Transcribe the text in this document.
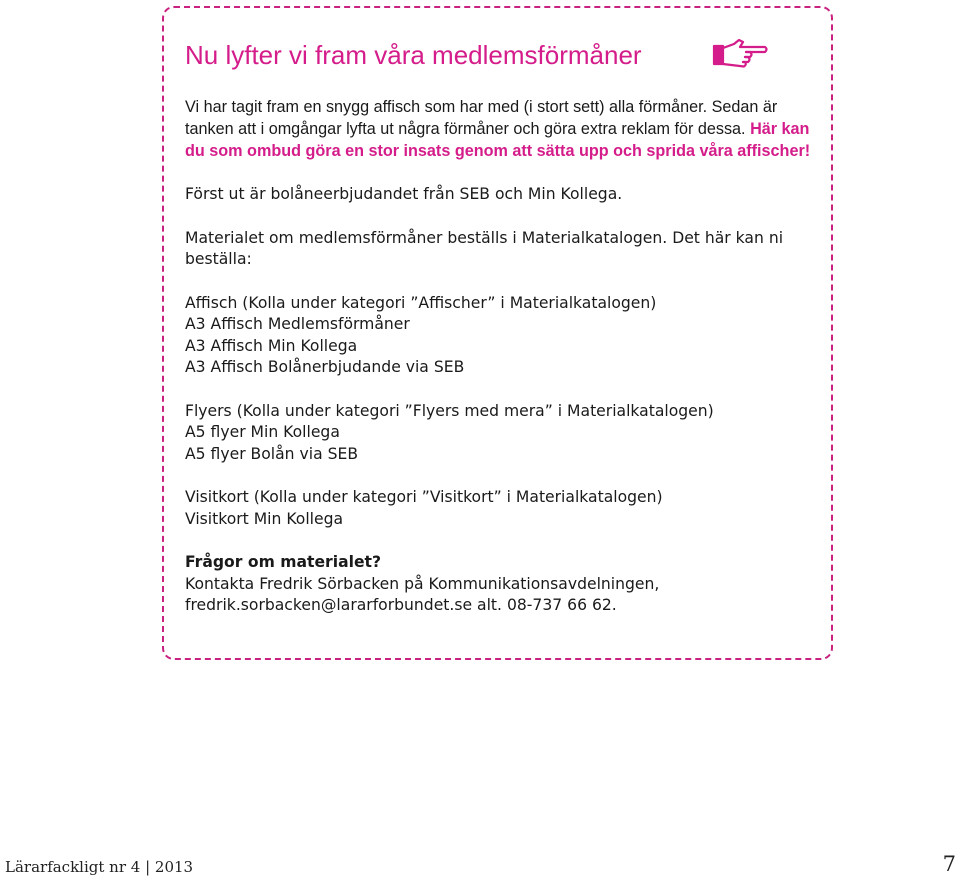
Nu lyfter vi fram våra medlemsförmåner

Vi har tagit fram en snygg affisch som har med (i stort sett) alla förmåner. Sedan är tanken att i omgångar lyfta ut några förmåner och göra extra reklam för dessa. Här kan du som ombud göra en stor insats genom att sätta upp och sprida våra affischer!

Först ut är bolåneerbjudandet från SEB och Min Kollega.

Materialet om medlemsförmåner beställs i Materialkatalogen. Det här kan ni beställa:

Affisch (Kolla under kategori ”Affischer” i Materialkatalogen)

A3 Affisch Medlemsförmåner

A3 Affisch Min Kollega

A3 Affisch Bolånerbjudande via SEB

Flyers (Kolla under kategori ”Flyers med mera” i Materialkatalogen)

A5 flyer Min Kollega

A5 flyer Bolån via SEB

Visitkort (Kolla under kategori ”Visitkort” i Materialkatalogen)

Visitkort Min Kollega

Frågor om materialet?

Kontakta Fredrik Sörbacken på Kommunikationsavdelningen,

fredrik.sorbacken@lararforbundet.se alt. 08-737 66 62.

Lärarfackligt nr 4 | 2013	7
